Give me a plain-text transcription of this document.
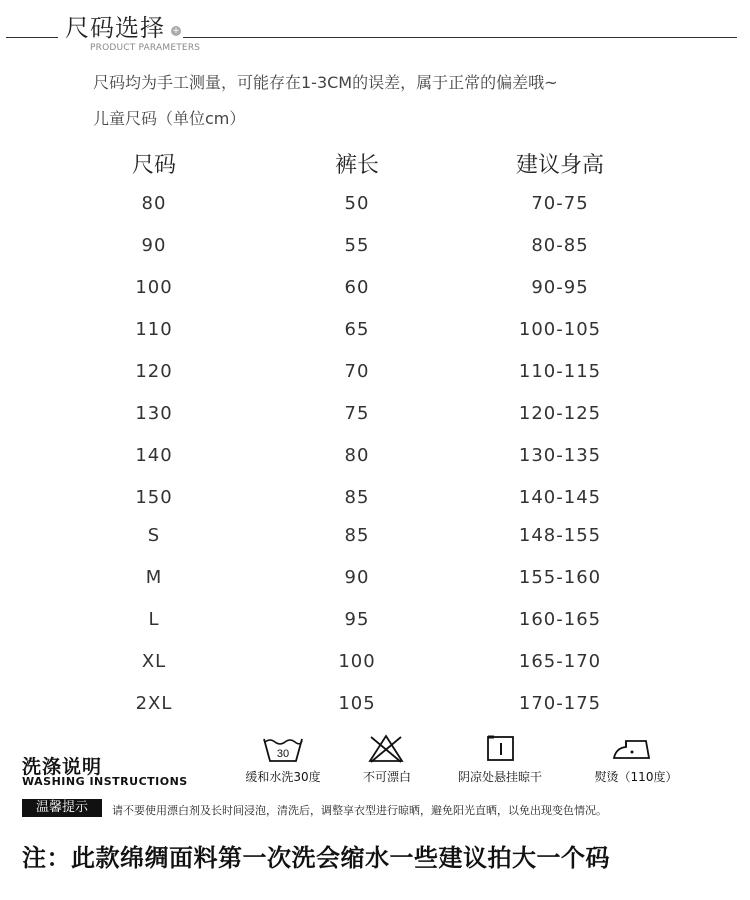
尺码选择 +
PRODUCT PARAMETERS
尺码均为手工测量，可能存在1-3CM的误差，属于正常的偏差哦~
儿童尺码（单位cm）
尺码	裤长	建议身高
80	50	70-75
90	55	80-85
100	60	90-95
110	65	100-105
120	70	110-115
130	75	120-125
140	80	130-135
150	85	140-145
S	85	148-155
M	90	155-160
L	95	160-165
XL	100	165-170
2XL	105	170-175
洗涤说明
WASHING INSTRUCTIONS
30
缓和水洗30度	不可漂白	阴凉处悬挂晾干	熨烫（110度）
温馨提示	请不要使用漂白剂及长时间浸泡，清洗后，调整享衣型进行晾晒，避免阳光直晒，以免出现变色情况。
注：此款绵绸面料第一次洗会缩水一些建议拍大一个码
